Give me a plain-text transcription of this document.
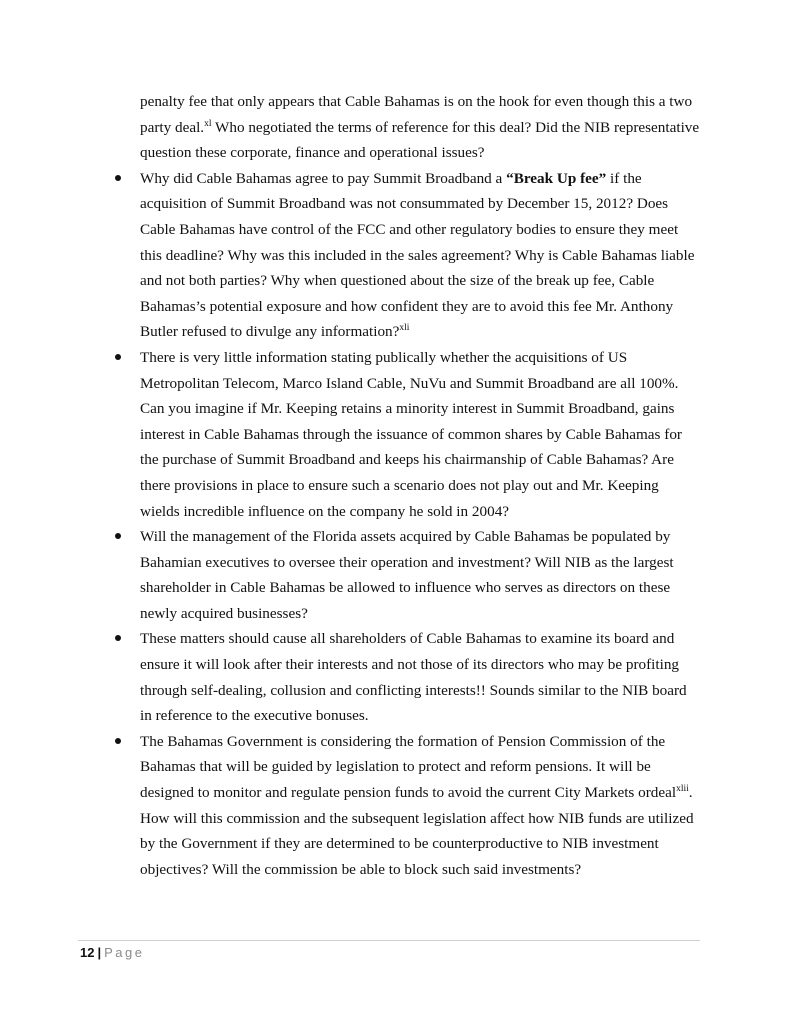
penalty fee that only appears that Cable Bahamas is on the hook for even though this a two party deal.$^{xl}$ Who negotiated the terms of reference for this deal? Did the NIB representative question these corporate, finance and operational issues?

Why did Cable Bahamas agree to pay Summit Broadband a “Break Up fee” if the acquisition of Summit Broadband was not consummated by December 15, 2012? Does Cable Bahamas have control of the FCC and other regulatory bodies to ensure they meet this deadline? Why was this included in the sales agreement? Why is Cable Bahamas liable and not both parties? Why when questioned about the size of the break up fee, Cable Bahamas’s potential exposure and how confident they are to avoid this fee Mr. Anthony Butler refused to divulge any information?$^{xli}$
There is very little information stating publically whether the acquisitions of US Metropolitan Telecom, Marco Island Cable, NuVu and Summit Broadband are all 100%. Can you imagine if Mr. Keeping retains a minority interest in Summit Broadband, gains interest in Cable Bahamas through the issuance of common shares by Cable Bahamas for the purchase of Summit Broadband and keeps his chairmanship of Cable Bahamas? Are there provisions in place to ensure such a scenario does not play out and Mr. Keeping wields incredible influence on the company he sold in 2004?
Will the management of the Florida assets acquired by Cable Bahamas be populated by Bahamian executives to oversee their operation and investment? Will NIB as the largest shareholder in Cable Bahamas be allowed to influence who serves as directors on these newly acquired businesses?
These matters should cause all shareholders of Cable Bahamas to examine its board and ensure it will look after their interests and not those of its directors who may be profiting through self-dealing, collusion and conflicting interests!! Sounds similar to the NIB board in reference to the executive bonuses.
The Bahamas Government is considering the formation of Pension Commission of the Bahamas that will be guided by legislation to protect and reform pensions. It will be designed to monitor and regulate pension funds to avoid the current City Markets ordeal$^{xlii}$. How will this commission and the subsequent legislation affect how NIB funds are utilized by the Government if they are determined to be counterproductive to NIB investment objectives? Will the commission be able to block such said investments?
12 | Page
